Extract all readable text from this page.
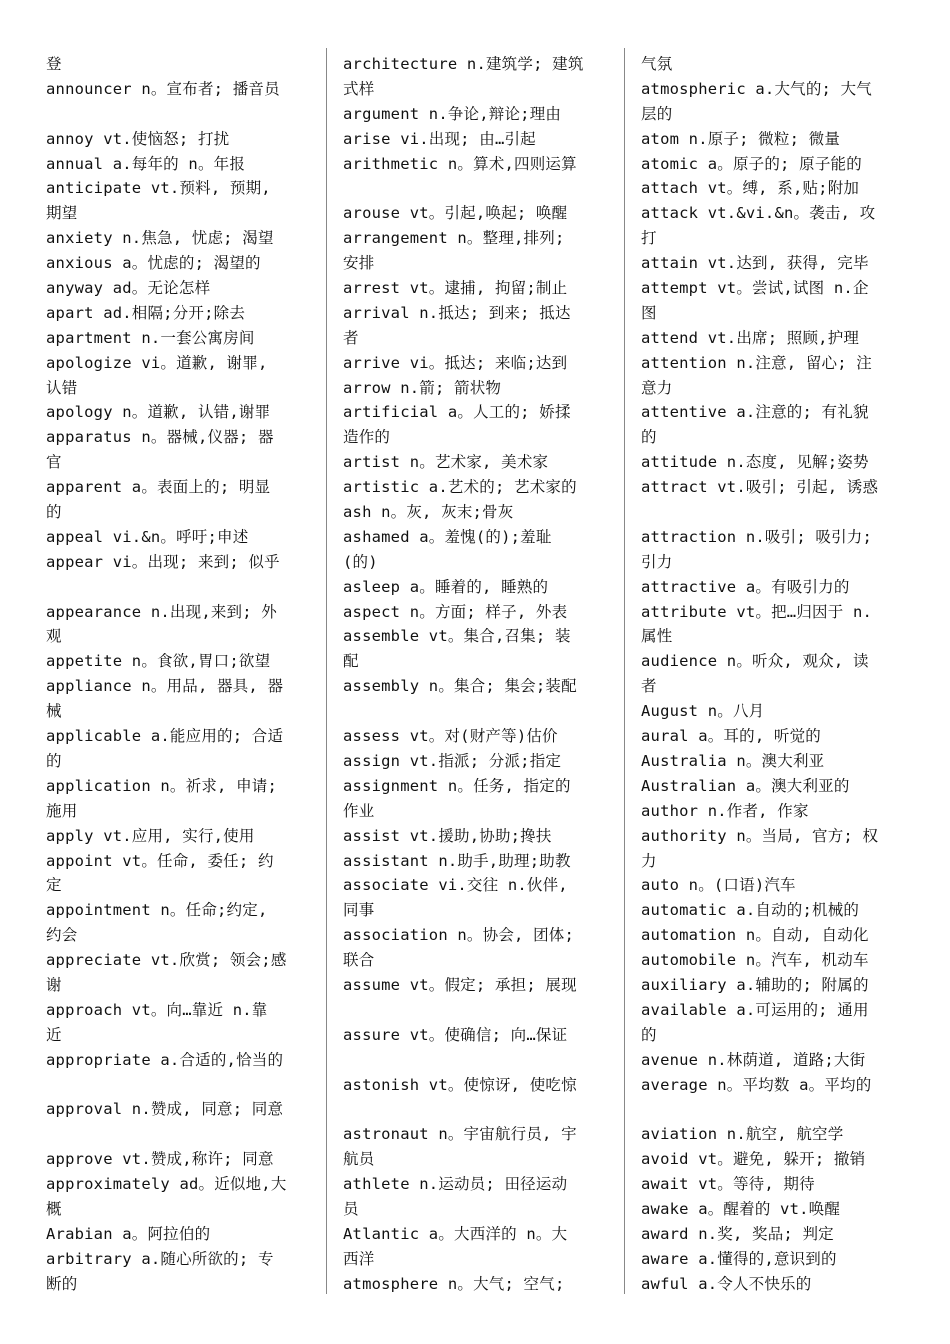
登
announcer n。宣布者; 播音员
annoy vt.使恼怒; 打扰
annual a.每年的 n。年报
anticipate vt.预料, 预期,
期望
anxiety n.焦急, 忧虑; 渴望
anxious a。忧虑的; 渴望的
anyway ad。无论怎样
apart ad.相隔;分开;除去
apartment n.一套公寓房间
apologize vi。道歉, 谢罪,
认错
apology n。道歉, 认错,谢罪
apparatus n。器械,仪器; 器
官
apparent a。表面上的; 明显
的
appeal vi.&n。呼吁;申述
appear vi。出现; 来到; 似乎
appearance n.出现,来到; 外
观
appetite n。食欲,胃口;欲望
appliance n。用品, 器具, 器
械
applicable a.能应用的; 合适
的
application n。祈求, 申请;
施用
apply vt.应用, 实行,使用
appoint vt。任命, 委任; 约
定
appointment n。任命;约定,
约会
appreciate vt.欣赏; 领会;感
谢
approach vt。向…靠近 n.靠
近
appropriate a.合适的,恰当的
approval n.赞成, 同意; 同意
approve vt.赞成,称许; 同意
approximately ad。近似地,大
概
Arabian a。阿拉伯的
arbitrary a.随心所欲的; 专
断的
architecture n.建筑学; 建筑
式样
argument n.争论,辩论;理由
arise vi.出现; 由…引起
arithmetic n。算术,四则运算
arouse vt。引起,唤起; 唤醒
arrangement n。整理,排列;
安排
arrest vt。逮捕, 拘留;制止
arrival n.抵达; 到来; 抵达
者
arrive vi。抵达; 来临;达到
arrow n.箭; 箭状物
artificial a。人工的; 娇揉
造作的
artist n。艺术家, 美术家
artistic a.艺术的; 艺术家的
ash n。灰, 灰末;骨灰
ashamed a。羞愧(的);羞耻
(的)
asleep a。睡着的, 睡熟的
aspect n。方面; 样子, 外表
assemble vt。集合,召集; 装
配
assembly n。集合; 集会;装配
assess vt。对(财产等)估价
assign vt.指派; 分派;指定
assignment n。任务, 指定的
作业
assist vt.援助,协助;搀扶
assistant n.助手,助理;助教
associate vi.交往 n.伙伴,
同事
association n。协会, 团体;
联合
assume vt。假定; 承担; 展现
assure vt。使确信; 向…保证
astonish vt。使惊讶, 使吃惊
astronaut n。宇宙航行员, 宇
航员
athlete n.运动员; 田径运动
员
Atlantic a。大西洋的 n。大
西洋
atmosphere n。大气; 空气;
气氛
atmospheric a.大气的; 大气
层的
atom n.原子; 微粒; 微量
atomic a。原子的; 原子能的
attach vt。缚, 系,贴;附加
attack vt.&vi.&n。袭击, 攻
打
attain vt.达到, 获得, 完毕
attempt vt。尝试,试图 n.企
图
attend vt.出席; 照顾,护理
attention n.注意, 留心; 注
意力
attentive a.注意的; 有礼貌
的
attitude n.态度, 见解;姿势
attract vt.吸引; 引起, 诱惑
attraction n.吸引; 吸引力;
引力
attractive a。有吸引力的
attribute vt。把…归因于 n.
属性
audience n。听众, 观众, 读
者
August n。八月
aural a。耳的, 听觉的
Australia n。澳大利亚
Australian a。澳大利亚的
author n.作者, 作家
authority n。当局, 官方; 权
力
auto n。(口语)汽车
automatic a.自动的;机械的
automation n。自动, 自动化
automobile n。汽车, 机动车
auxiliary a.辅助的; 附属的
available a.可运用的; 通用
的
avenue n.林荫道, 道路;大街
average n。平均数 a。平均的
aviation n.航空, 航空学
avoid vt。避免, 躲开; 撤销
await vt。等待, 期待
awake a。醒着的 vt.唤醒
award n.奖, 奖品; 判定
aware a.懂得的,意识到的
awful a.令人不快乐的
